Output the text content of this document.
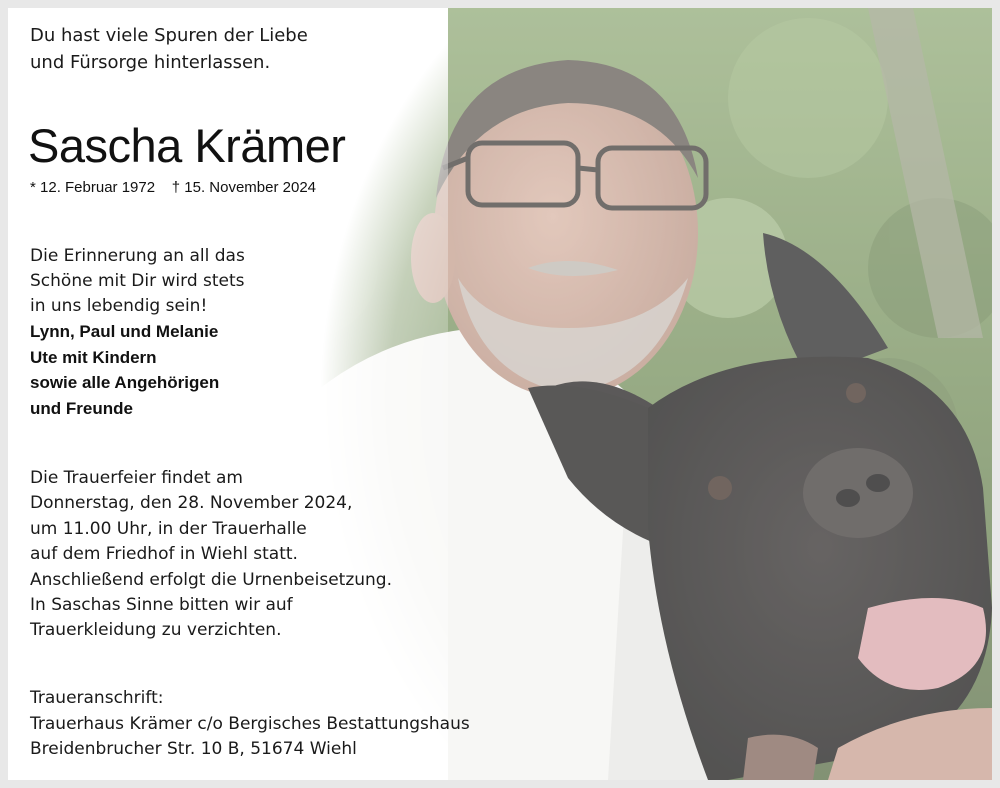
Du hast viele Spuren der Liebe
und Fürsorge hinterlassen.
Sascha Krämer
* 12. Februar 1972 † 15. November 2024
Die Erinnerung an all das
Schöne mit Dir wird stets
in uns lebendig sein!
Lynn, Paul und Melanie
Ute mit Kindern
sowie alle Angehörigen
und Freunde
Die Trauerfeier findet am
Donnerstag, den 28. November 2024,
um 11.00 Uhr, in der Trauerhalle
auf dem Friedhof in Wiehl statt.
Anschließend erfolgt die Urnenbeisetzung.
In Saschas Sinne bitten wir auf
Trauerkleidung zu verzichten.
Traueranschrift:
Trauerhaus Krämer c/o Bergisches Bestattungshaus
Breidenbrucher Str. 10 B, 51674 Wiehl
